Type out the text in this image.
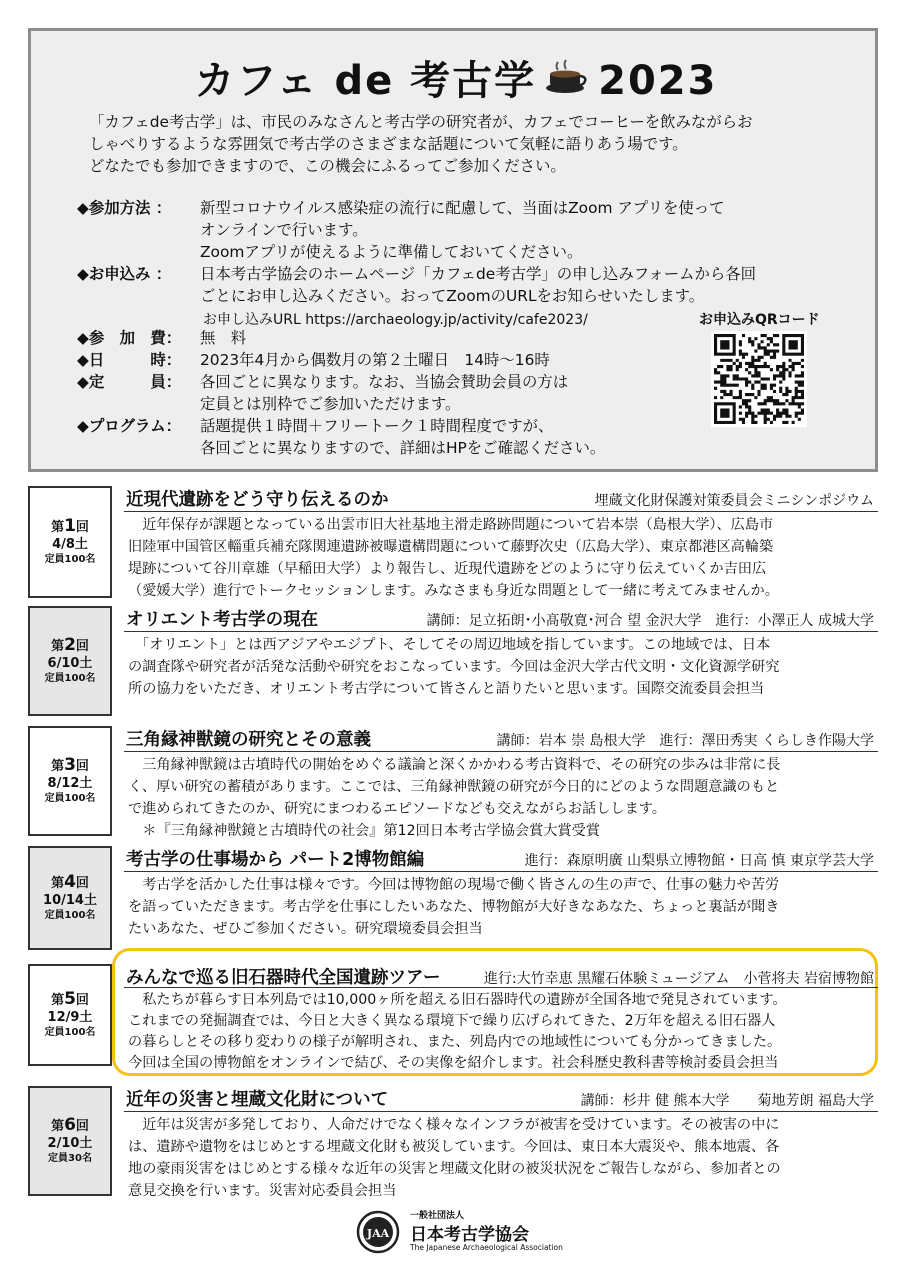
カフェ de 考古学 2023
「カフェde考古学」は、市民のみなさんと考古学の研究者が、カフェでコーヒーを飲みながらお
しゃべりするような雰囲気で考古学のさまざまな話題について気軽に語りあう場です。
どなたでも参加できますので、この機会にふるってご参加ください。
◆参加方法 ：	新型コロナウイルス感染症の流行に配慮して、当面はZoom アプリを使って
オンラインで行います。
Zoomアプリが使えるように準備しておいてください。
◆お申込み ：	日本考古学協会のホームページ「カフェde考古学」の申し込みフォームから各回
ごとにお申し込みください。おってZoomのURLをお知らせいたします。
お申し込みURL https://archaeology.jp/activity/cafe2023/	お申込みQRコード
◆参　加　費：	無　料
◆日　　　時：	2023年4月から偶数月の第２土曜日　14時～16時
◆定　　　員：	各回ごとに異なります。なお、当協会賛助会員の方は
定員とは別枠でご参加いただけます。
◆プログラム：	話題提供１時間＋フリートーク１時間程度ですが、
各回ごとに異なりますので、詳細はHPをご確認ください。
第1回
4/8土
定員100名
近現代遺跡をどう守り伝えるのか	埋蔵文化財保護対策委員会ミニシンポジウム
　近年保存が課題となっている出雲市旧大社基地主滑走路跡問題について岩本崇（島根大学）、広島市
旧陸軍中国管区輜重兵補充隊関連遺跡被曝遺構問題について藤野次史（広島大学）、東京都港区高輪築
堤跡について谷川章雄（早稲田大学）より報告し、近現代遺跡をどのように守り伝えていくか吉田広
（愛媛大学）進行でトークセッションします。みなさまも身近な問題として一緒に考えてみませんか。
第2回
6/10土
定員100名
オリエント考古学の現在	講師：足立拓朗･小髙敬寛･河合 望 金沢大学　進行：小澤正人 成城大学
　「オリエント」とは西アジアやエジプト、そしてその周辺地域を指しています。この地域では、日本
の調査隊や研究者が活発な活動や研究をおこなっています。今回は金沢大学古代文明・文化資源学研究
所の協力をいただき、オリエント考古学について皆さんと語りたいと思います。国際交流委員会担当
第3回
8/12土
定員100名
三角縁神獣鏡の研究とその意義	講師：岩本 崇 島根大学　進行：澤田秀実 くらしき作陽大学
　三角縁神獣鏡は古墳時代の開始をめぐる議論と深くかかわる考古資料で、その研究の歩みは非常に長
く、厚い研究の蓄積があります。ここでは、三角縁神獣鏡の研究が今日的にどのような問題意識のもと
で進められてきたのか、研究にまつわるエピソードなども交えながらお話しします。
　＊『三角縁神獣鏡と古墳時代の社会』第12回日本考古学協会賞大賞受賞
第4回
10/14土
定員100名
考古学の仕事場から パート2博物館編	進行：森原明廣 山梨県立博物館・日高 慎 東京学芸大学
　考古学を活かした仕事は様々です。今回は博物館の現場で働く皆さんの生の声で、仕事の魅力や苦労
を語っていただきます。考古学を仕事にしたいあなた、博物館が大好きなあなた、ちょっと裏話が聞き
たいあなた、ぜひご参加ください。研究環境委員会担当
第5回
12/9土
定員100名
みんなで巡る旧石器時代全国遺跡ツアー	進行:大竹幸恵 黒耀石体験ミュージアム　小菅将夫 岩宿博物館
　私たちが暮らす日本列島では10,000ヶ所を超える旧石器時代の遺跡が全国各地で発見されています。
これまでの発掘調査では、今日と大きく異なる環境下で繰り広げられてきた、2万年を超える旧石器人
の暮らしとその移り変わりの様子が解明され、また、列島内での地域性についても分かってきました。
今回は全国の博物館をオンラインで結び、その実像を紹介します。社会科歴史教科書等検討委員会担当
第6回
2/10土
定員30名
近年の災害と埋蔵文化財について	講師：杉井 健 熊本大学　　菊地芳朗 福島大学
　近年は災害が多発しており、人命だけでなく様々なインフラが被害を受けています。その被害の中に
は、遺跡や遺物をはじめとする埋蔵文化財も被災しています。今回は、東日本大震災や、熊本地震、各
地の豪雨災害をはじめとする様々な近年の災害と埋蔵文化財の被災状況をご報告しながら、参加者との
意見交換を行います。災害対応委員会担当
JAA
一般社団法人
日本考古学協会
The Japanese Archaeological Association
